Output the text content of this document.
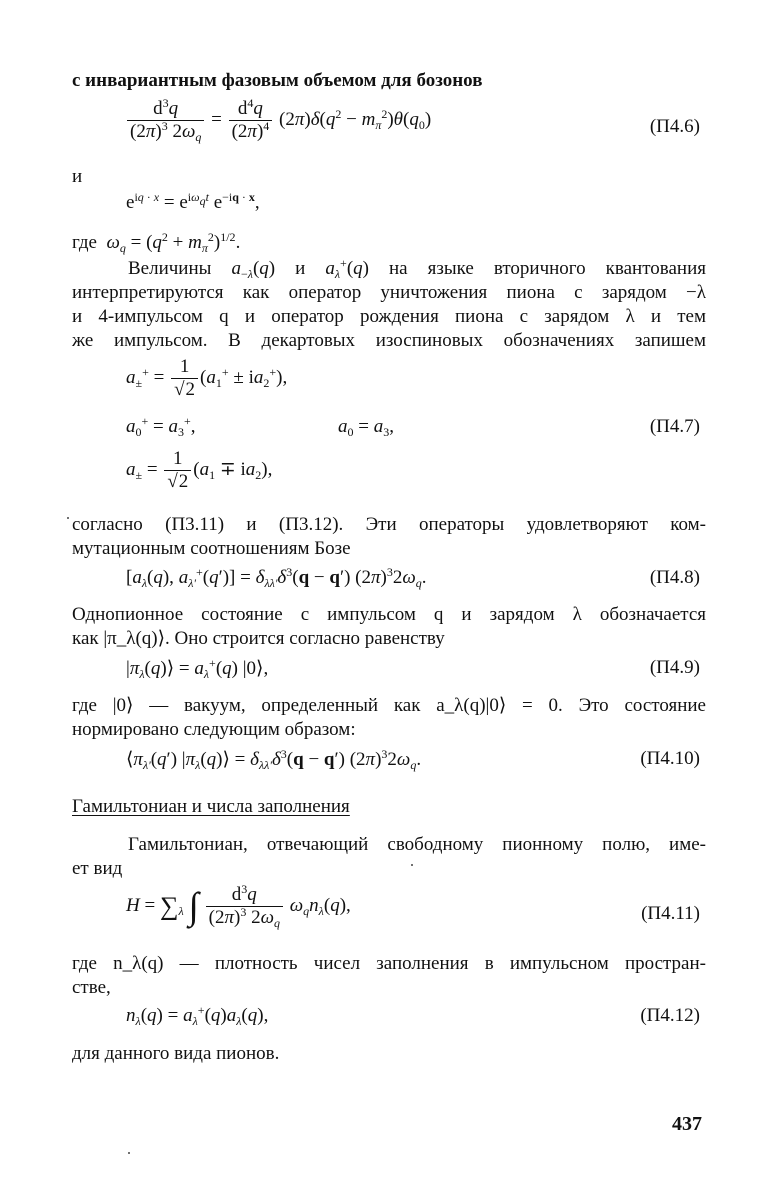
с инвариантным фазовым объемом для бозонов
$\frac{d^3q}{(2\pi)^3 2\omega_q} = \frac{d^4q}{(2\pi)^4} (2\pi)\delta(q^2 - m_\pi^2)\theta(q_0)$	(П4.6)
и
$e^{iq \cdot x} = e^{i\omega_qt}$ $e^{-iq \cdot x}$,
где $\omega_q = (q^2 + m_\pi^2)^{1/2}$.
Величины $a_{-\lambda}(q)$ и $a_\lambda^+(q)$ на языке вторичного квантования
интерпретируются как оператор уничтожения пиона с зарядом −λ
и 4-импульсом q и оператор рождения пиона с зарядом λ и тем
же импульсом. В декартовых изоспиновых обозначениях запишем
$a_\pm^+ = \frac{1}{√2} (a_1^+ \pm ia_2^+)$,
$a_0^+ = a_3^+$,	$a_0 = a_3$,	(П4.7)
$a_\pm = \frac{1}{√2} (a_1 \mp ia_2)$,
согласно (П3.11) и (П3.12). Эти операторы удовлетворяют ком-
мутационным соотношениям Бозе
[$a_\lambda(q)$, $a_{\lambda'}^+(q')] = \delta_{\lambda\lambda'}\delta^3(q - q')$ $(2\pi)^32\omega_q$.	(П4.8)
Однопионное состояние с импульсом q и зарядом λ обозначается
как |π_λ(q)⟩. Оно строится согласно равенству
$|\pi_\lambda(q)⟩ = a_\lambda^+(q)$ |0⟩,	(П4.9)
где |0⟩ — вакуум, определенный как a_λ(q)|0⟩ = 0. Это состояние
нормировано следующим образом:
$⟨\pi_{\lambda'}(q')$ $|\pi_\lambda(q)⟩ = \delta_{\lambda\lambda'}\delta^3(q - q')$ $(2\pi)^32\omega_q$.	(П4.10)
Гамильтониан и числа заполнения
Гамильтониан, отвечающий свободному пионному полю, име-
ет вид
$H = \sum_\lambda$ ∫ $\frac{d^3q}{(2\pi)^3 2\omega_q} \omega_qn_\lambda(q)$,	(П4.11)
где n_λ(q) — плотность чисел заполнения в импульсном простран-
стве,
$n_\lambda(q) = a_\lambda^+(q)a_\lambda(q)$,	(П4.12)
для данного вида пионов.
437
